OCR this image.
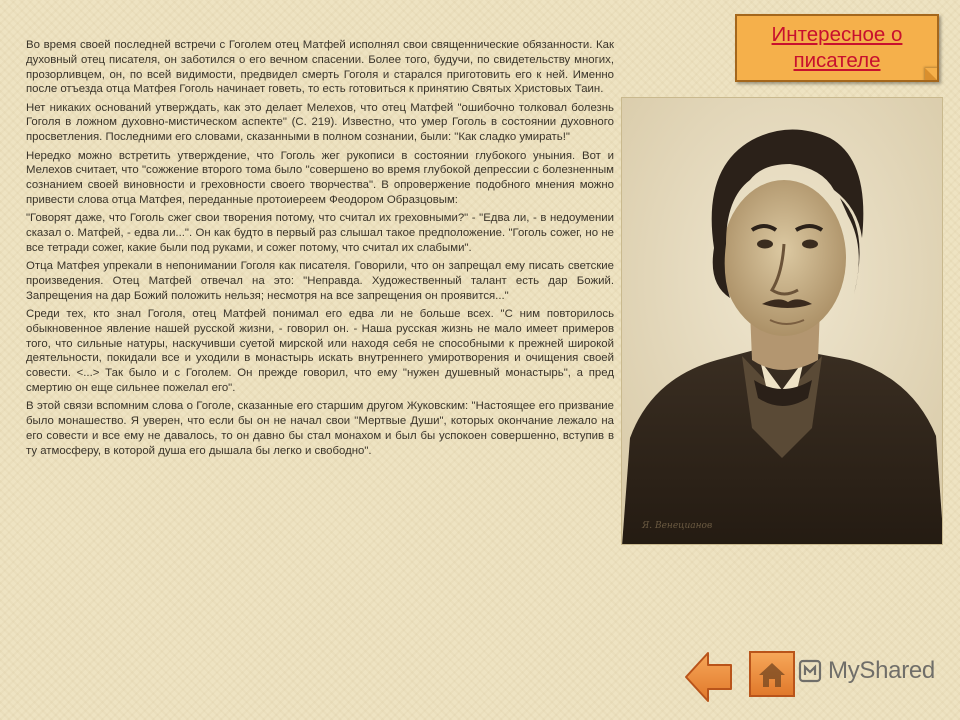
Во время своей последней встречи с Гоголем отец Матфей исполнял свои священнические обязанности. Как духовный отец писателя, он заботился о его вечном спасении. Более того, будучи, по свидетельству многих, прозорливцем, он, по всей видимости, предвидел смерть Гоголя и старался приготовить его к ней. Именно после отъезда отца Матфея Гоголь начинает говеть, то есть готовиться к принятию Святых Христовых Таин.

Нет никаких оснований утверждать, как это делает Мелехов, что отец Матфей "ошибочно толковал болезнь Гоголя в ложном духовно-мистическом аспекте" (С. 219). Известно, что умер Гоголь в состоянии духовного просветления. Последними его словами, сказанными в полном сознании, были: "Как сладко умирать!"

Нередко можно встретить утверждение, что Гоголь жег рукописи в состоянии глубокого уныния. Вот и Мелехов считает, что "сожжение второго тома было "совершено во время глубокой депрессии с болезненным сознанием своей виновности и греховности своего творчества". В опровержение подобного мнения можно привести слова отца Матфея, переданные протоиереем Феодором Образцовым:

"Говорят даже, что Гоголь сжег свои творения потому, что считал их греховными?" - "Едва ли, - в недоумении сказал о. Матфей, - едва ли...". Он как будто в первый раз слышал такое предположение. "Гоголь сожег, но не все тетради сожег, какие были под руками, и сожег потому, что считал их слабыми".

Отца Матфея упрекали в непонимании Гоголя как писателя. Говорили, что он запрещал ему писать светские произведения. Отец Матфей отвечал на это: "Неправда. Художественный талант есть дар Божий. Запрещения на дар Божий положить нельзя; несмотря на все запрещения он проявится..."

Среди тех, кто знал Гоголя, отец Матфей понимал его едва ли не больше всех. "С ним повторилось обыкновенное явление нашей русской жизни, - говорил он. - Наша русская жизнь не мало имеет примеров того, что сильные натуры, наскучивши суетой мирской или находя себя не способными к прежней широкой деятельности, покидали все и уходили в монастырь искать внутреннего умиротворения и очищения своей совести. <...> Так было и с Гоголем. Он прежде говорил, что ему "нужен душевный монастырь", а пред смертию он еще сильнее пожелал его".

В этой связи вспомним слова о Гоголе, сказанные его старшим другом Жуковским: "Настоящее его призвание было монашество. Я уверен, что если бы он не начал свои "Мертвые Души", которых окончание лежало на его совести и все ему не давалось, то он давно бы стал монахом и был бы успокоен совершенно, вступив в ту атмосферу, в которой душа его дышала бы легко и свободно".

Интересное о писателе
Я. Венецианов
MyShared
